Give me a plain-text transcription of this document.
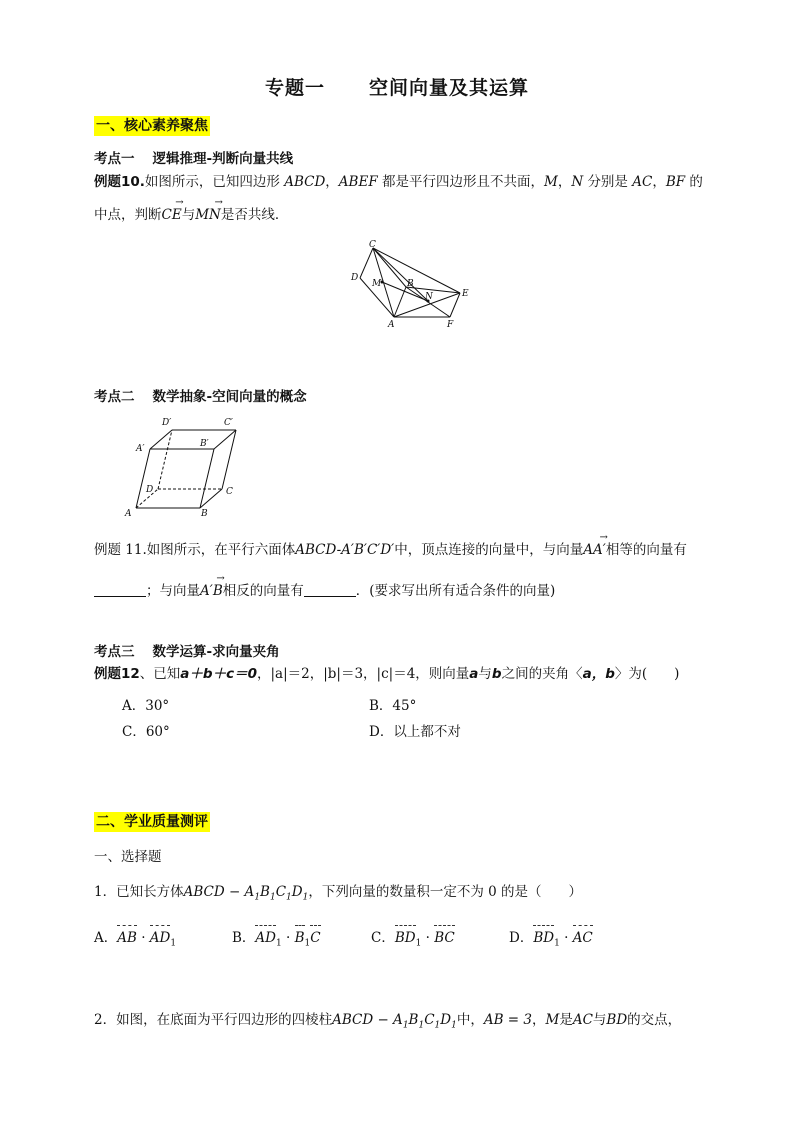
专题一 空间向量及其运算
一、核心素养聚焦
考点一 逻辑推理-判断向量共线
例题10.如图所示，已知四边形 ABCD，ABEF 都是平行四边形且不共面，M，N 分别是 AC，BF 的
中点，判断→ CE与→ MN是否共线．
C
D
M	B
N	E
A	F
考点二 数学抽象-空间向量的概念
D′	C′
A′	B′
D	C
A	B
例题 11.如图所示，在平行六面体ABCD-A′B′C′D′中，顶点连接的向量中，与向量→ AA′相等的向量有
；与向量→ A′B相反的向量有	．(要求写出所有适合条件的向量)
考点三 数学运算-求向量夹角
例题12、已知a＋b＋c＝0，|a|＝2，|b|＝3，|c|＝4，则向量a与b之间的夹角〈a，b〉为(　　)
A．30°	B．45°
C．60°	D．以上都不对
二、学业质量测评
一、选择题
1．已知长方体ABCD − $A_1B_1C_1D_1$，下列向量的数量积一定不为 0 的是（　　）
A．AB · $AD_1$	B．$AD_1 \cdot B_1C$	C．$BD_1$ · BC	D．$BD_1$ · AC
2．如图，在底面为平行四边形的四棱柱ABCD − $A_1B_1C_1D_1$中，AB = 3，M是AC与BD的交点，
